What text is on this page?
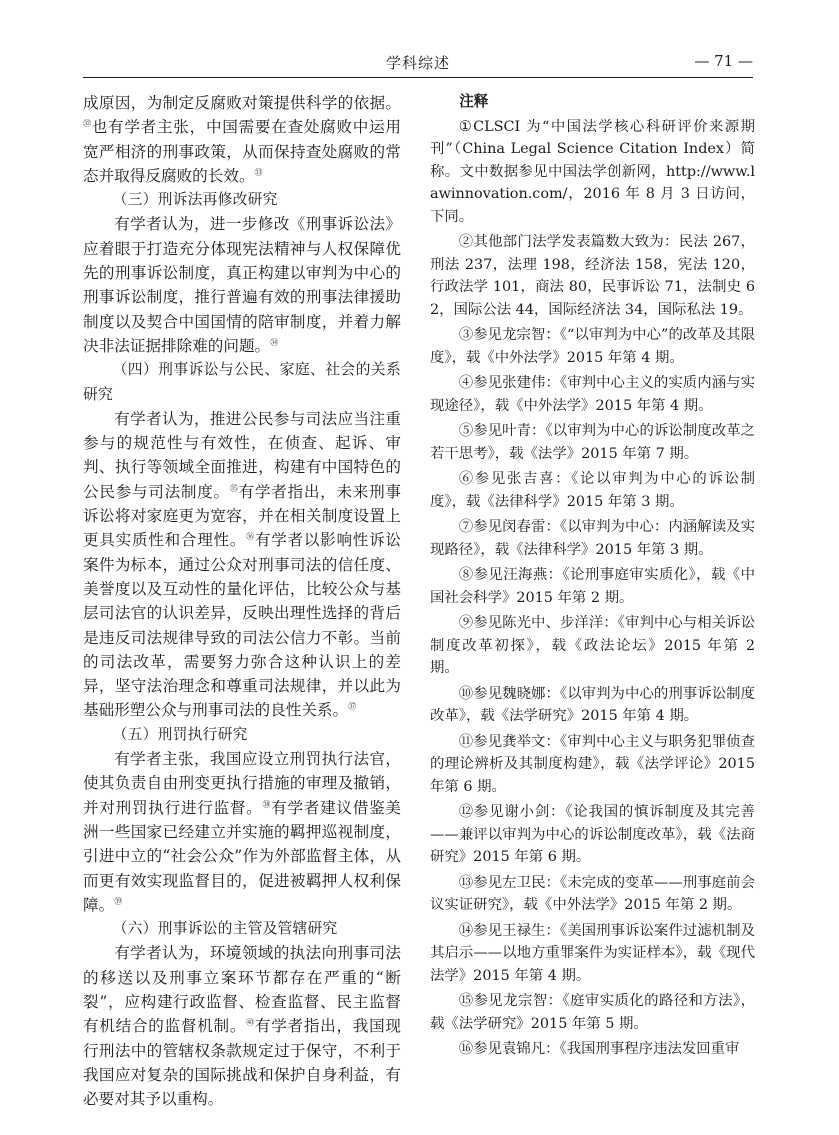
学科综述	— 71 —

成原因，为制定反腐败对策提供科学的依据。$^㉜$也有学者主张，中国需要在查处腐败中运用宽严相济的刑事政策，从而保持查处腐败的常态并取得反腐败的长效。$^㉝$

（三）刑诉法再修改研究

有学者认为，进一步修改《刑事诉讼法》应着眼于打造充分体现宪法精神与人权保障优先的刑事诉讼制度，真正构建以审判为中心的刑事诉讼制度，推行普遍有效的刑事法律援助制度以及契合中国国情的陪审制度，并着力解决非法证据排除难的问题。$^㉞$

（四）刑事诉讼与公民、家庭、社会的关系研究

有学者认为，推进公民参与司法应当注重参与的规范性与有效性，在侦查、起诉、审判、执行等领域全面推进，构建有中国特色的公民参与司法制度。$^㉟$有学者指出，未来刑事诉讼将对家庭更为宽容，并在相关制度设置上更具实质性和合理性。$^㊱$有学者以影响性诉讼案件为标本，通过公众对刑事司法的信任度、美誉度以及互动性的量化评估，比较公众与基层司法官的认识差异，反映出理性选择的背后是违反司法规律导致的司法公信力不彰。当前的司法改革，需要努力弥合这种认识上的差异，坚守法治理念和尊重司法规律，并以此为基础形塑公众与刑事司法的良性关系。$^㊲$

（五）刑罚执行研究

有学者主张，我国应设立刑罚执行法官，使其负责自由刑变更执行措施的审理及撤销，并对刑罚执行进行监督。$^㊳$有学者建议借鉴美洲一些国家已经建立并实施的羁押巡视制度，引进中立的“社会公众”作为外部监督主体，从而更有效实现监督目的，促进被羁押人权利保障。$^㊴$

（六）刑事诉讼的主管及管辖研究

有学者认为，环境领域的执法向刑事司法的移送以及刑事立案环节都存在严重的“断裂”，应构建行政监督、检查监督、民主监督有机结合的监督机制。$^㊵$有学者指出，我国现行刑法中的管辖权条款规定过于保守，不利于我国应对复杂的国际挑战和保护自身利益，有必要对其予以重构。

注释

①CLSCI 为“中国法学核心科研评价来源期刊”（China Legal Science Citation Index）简称。文中数据参见中国法学创新网，http://www.lawinnovation.com/，2016 年 8 月 3 日访问，下同。

②其他部门法学发表篇数大致为：民法 267，刑法 237，法理 198，经济法 158，宪法 120，行政法学 101，商法 80，民事诉讼 71，法制史 62，国际公法 44，国际经济法 34，国际私法 19。

③参见龙宗智：《“以审判为中心”的改革及其限度》，载《中外法学》2015 年第 4 期。

④参见张建伟：《审判中心主义的实质内涵与实现途径》，载《中外法学》2015 年第 4 期。

⑤参见叶青：《以审判为中心的诉讼制度改革之若干思考》，载《法学》2015 年第 7 期。

⑥参见张吉喜：《论以审判为中心的诉讼制度》，载《法律科学》2015 年第 3 期。

⑦参见闵春雷：《以审判为中心：内涵解读及实现路径》，载《法律科学》2015 年第 3 期。

⑧参见汪海燕：《论刑事庭审实质化》，载《中国社会科学》2015 年第 2 期。

⑨参见陈光中、步洋洋：《审判中心与相关诉讼制度改革初探》，载《政法论坛》2015 年第 2 期。

⑩参见魏晓娜：《以审判为中心的刑事诉讼制度改革》，载《法学研究》2015 年第 4 期。

⑪参见龚举文：《审判中心主义与职务犯罪侦查的理论辨析及其制度构建》，载《法学评论》2015 年第 6 期。

⑫参见谢小剑：《论我国的慎诉制度及其完善——兼评以审判为中心的诉讼制度改革》，载《法商研究》2015 年第 6 期。

⑬参见左卫民：《未完成的变革——刑事庭前会议实证研究》，载《中外法学》2015 年第 2 期。

⑭参见王禄生：《美国刑事诉讼案件过滤机制及其启示——以地方重罪案件为实证样本》，载《现代法学》2015 年第 4 期。

⑮参见龙宗智：《庭审实质化的路径和方法》，载《法学研究》2015 年第 5 期。

⑯参见袁锦凡：《我国刑事程序违法发回重审
